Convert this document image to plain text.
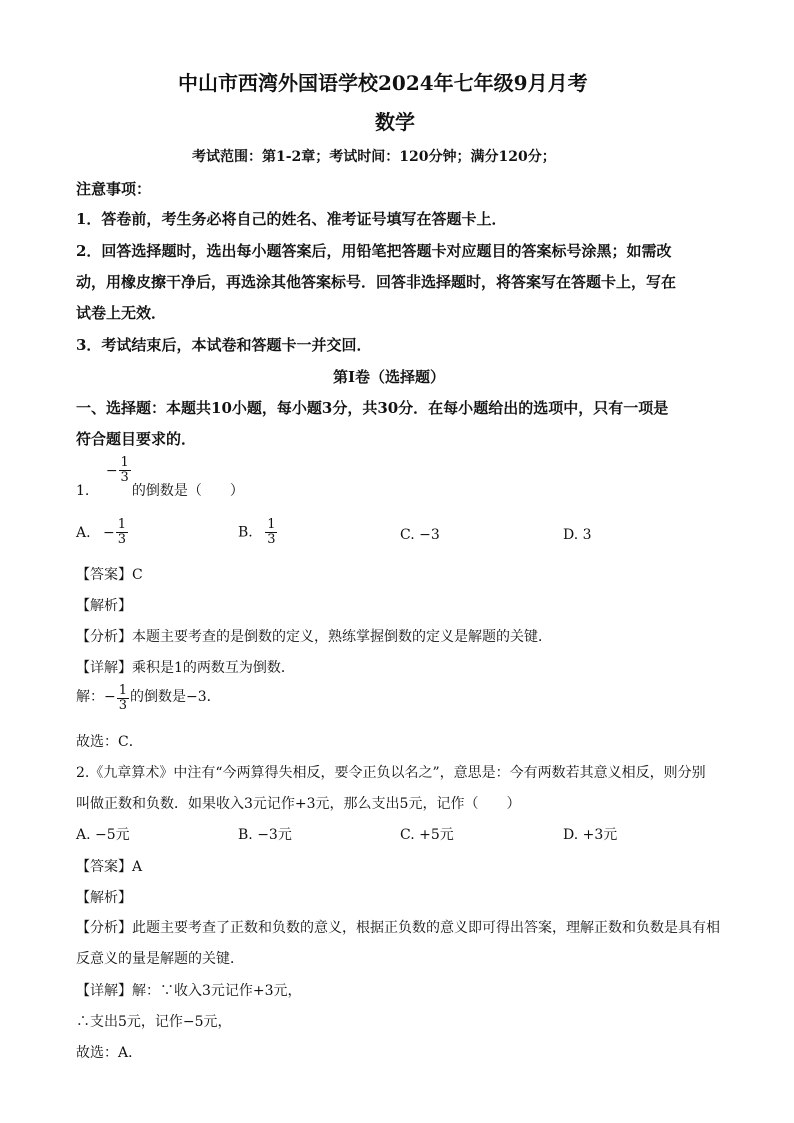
中山市西湾外国语学校2024年七年级9月月考
数学
考试范围：第1-2章；考试时间：120分钟；满分120分；
注意事项：
1．答卷前，考生务必将自己的姓名、准考证号填写在答题卡上．
2．回答选择题时，选出每小题答案后，用铅笔把答题卡对应题目的答案标号涂黑；如需改
动，用橡皮擦干净后，再选涂其他答案标号．回答非选择题时，将答案写在答题卡上，写在
试卷上无效．
3．考试结束后，本试卷和答题卡一并交回．
第I卷（选择题）
一、选择题：本题共10小题，每小题3分，共30分．在每小题给出的选项中，只有一项是
符合题目要求的．
1. − $\frac{1}{3}$
的倒数是（　　）
A. − $\frac{1}{3}$	B. $\frac{1}{3}$	C. −3	D. 3
【答案】C
【解析】
【分析】本题主要考查的是倒数的定义，熟练掌握倒数的定义是解题的关键．
【详解】乘积是1的两数互为倒数．
解：− $\frac{1}{3}$ 的倒数是−3．
故选：C．
2.《九章算术》中注有“今两算得失相反，要令正负以名之”，意思是：今有两数若其意义相反，则分别
叫做正数和负数．如果收入3元记作+3元，那么支出5元，记作（　　）
A. −5元	B. −3元	C. +5元	D. +3元
【答案】A
【解析】
【分析】此题主要考查了正数和负数的意义，根据正负数的意义即可得出答案，理解正数和负数是具有相
反意义的量是解题的关键．
【详解】解：∵收入3元记作+3元，
∴支出5元，记作−5元，
故选：A．
